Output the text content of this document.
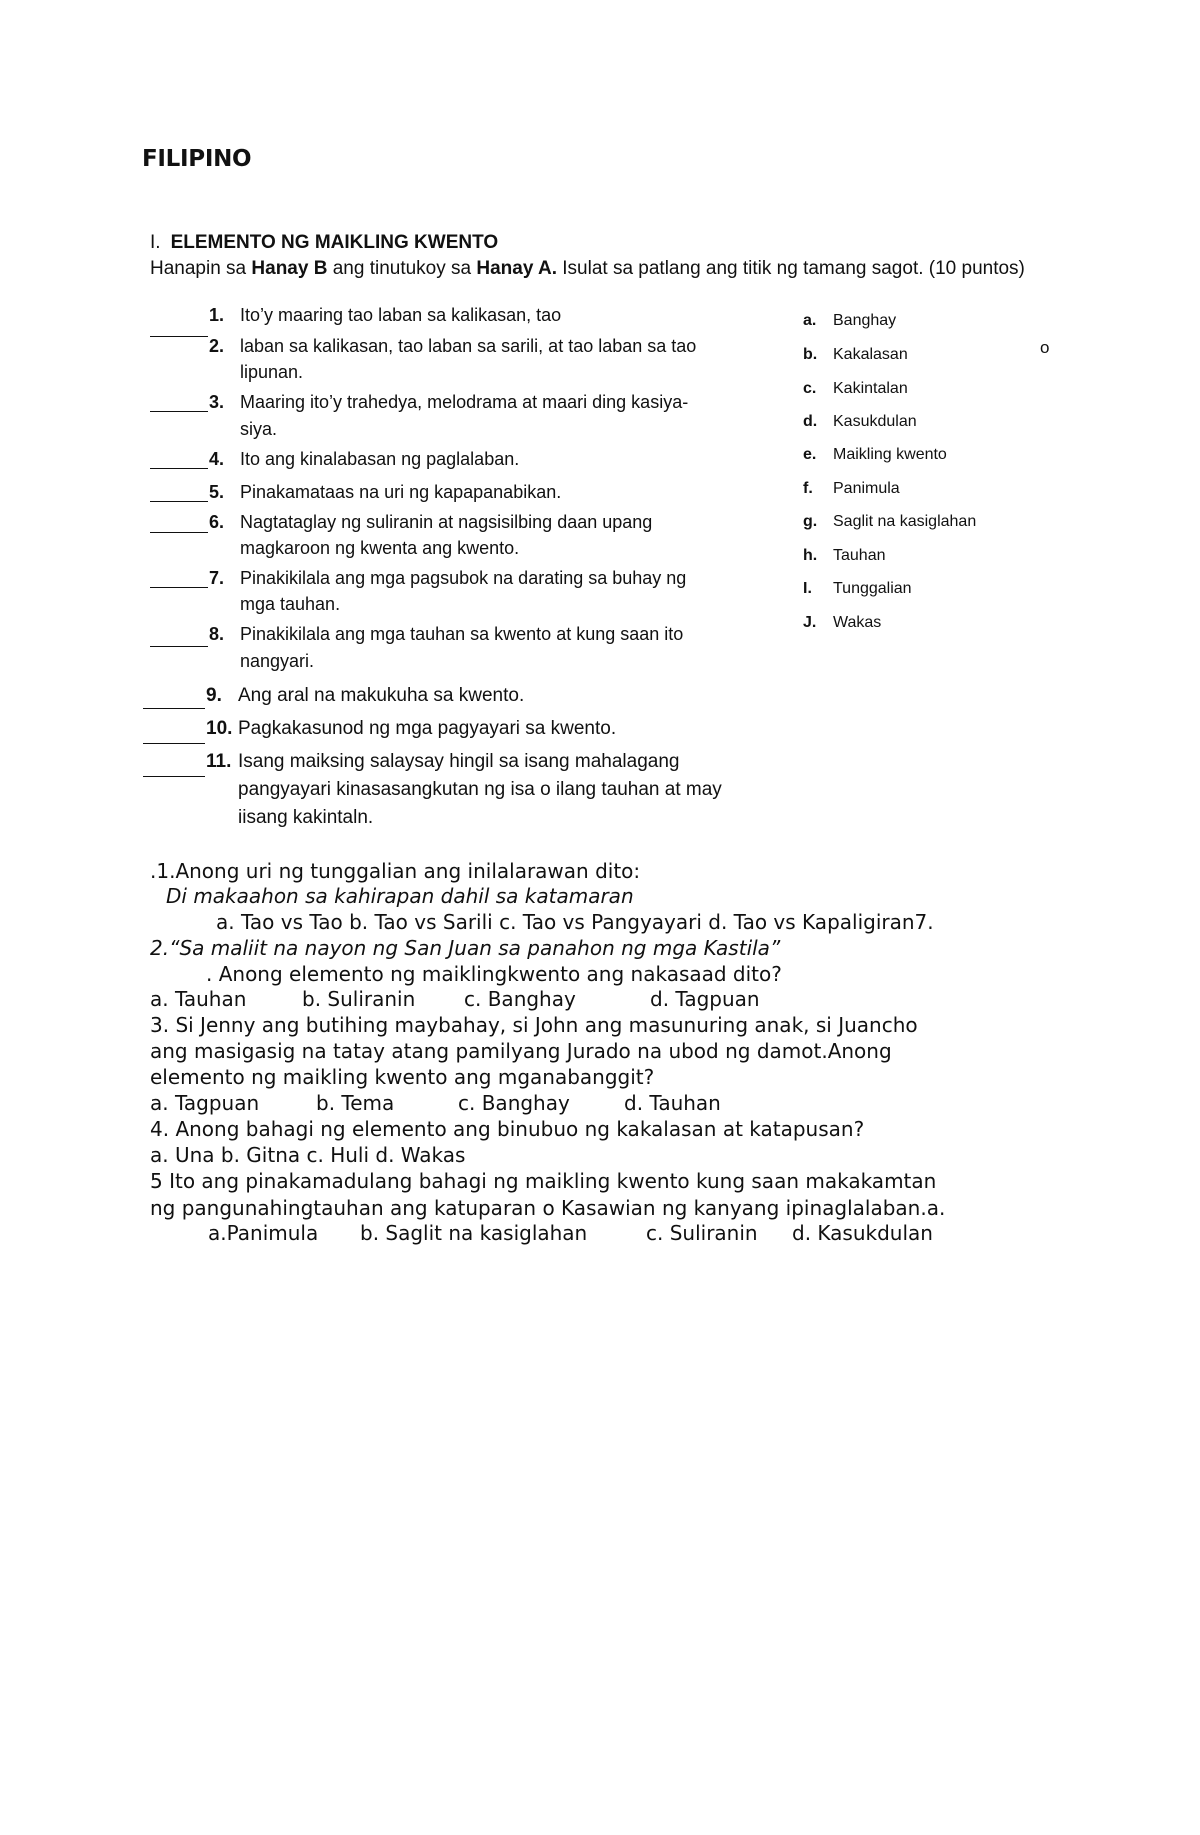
FILIPINO
I. ELEMENTO NG MAIKLING KWENTO
Hanapin sa Hanay B ang tinutukoy sa Hanay A. Isulat sa patlang ang titik ng tamang sagot. (10 puntos)
1. Ito’y maaring tao laban sa kalikasan, tao
2. laban sa kalikasan, tao laban sa sarili, at tao laban sa tao
lipunan.
3. Maaring ito’y trahedya, melodrama at maari ding kasiya-
siya.
4. Ito ang kinalabasan ng paglalaban.
5. Pinakamataas na uri ng kapapanabikan.
6. Nagtataglay ng suliranin at nagsisilbing daan upang
magkaroon ng kwenta ang kwento.
7. Pinakikilala ang mga pagsubok na darating sa buhay ng
mga tauhan.
8. Pinakikilala ang mga tauhan sa kwento at kung saan ito
nangyari.
9. Ang aral na makukuha sa kwento.
10. Pagkakasunod ng mga pagyayari sa kwento.
11. Isang maiksing salaysay hingil sa isang mahalagang
pangyayari kinasasangkutan ng isa o ilang tauhan at may
iisang kakintaln.
a. Banghay
b. Kakalasan
c. Kakintalan
d. Kasukdulan
e. Maikling kwento
f. Panimula
g. Saglit na kasiglahan
h. Tauhan
I. Tunggalian
J. Wakas
o
.1.Anong uri ng tunggalian ang inilalarawan dito:
Di makaahon sa kahirapan dahil sa katamaran
a. Tao vs Tao b. Tao vs Sarili c. Tao vs Pangyayari d. Tao vs Kapaligiran7.
2.“Sa maliit na nayon ng San Juan sa panahon ng mga Kastila”
. Anong elemento ng maiklingkwento ang nakasaad dito?
a. Tauhan	b. Suliranin c. Banghay	d. Tagpuan
3. Si Jenny ang butihing maybahay, si John ang masunuring anak, si Juancho
ang masigasig na tatay atang pamilyang Jurado na ubod ng damot.Anong
elemento ng maikling kwento ang mganabanggit?
a. Tagpuan	b. Tema	c. Banghay	d. Tauhan
4. Anong bahagi ng elemento ang binubuo ng kakalasan at katapusan?
a. Una b. Gitna c. Huli d. Wakas
5 Ito ang pinakamadulang bahagi ng maikling kwento kung saan makakamtan
ng pangunahingtauhan ang katuparan o Kasawian ng kanyang ipinaglalaban.a.
a.Panimula b. Saglit na kasiglahan	c. Suliranin d. Kasukdulan
